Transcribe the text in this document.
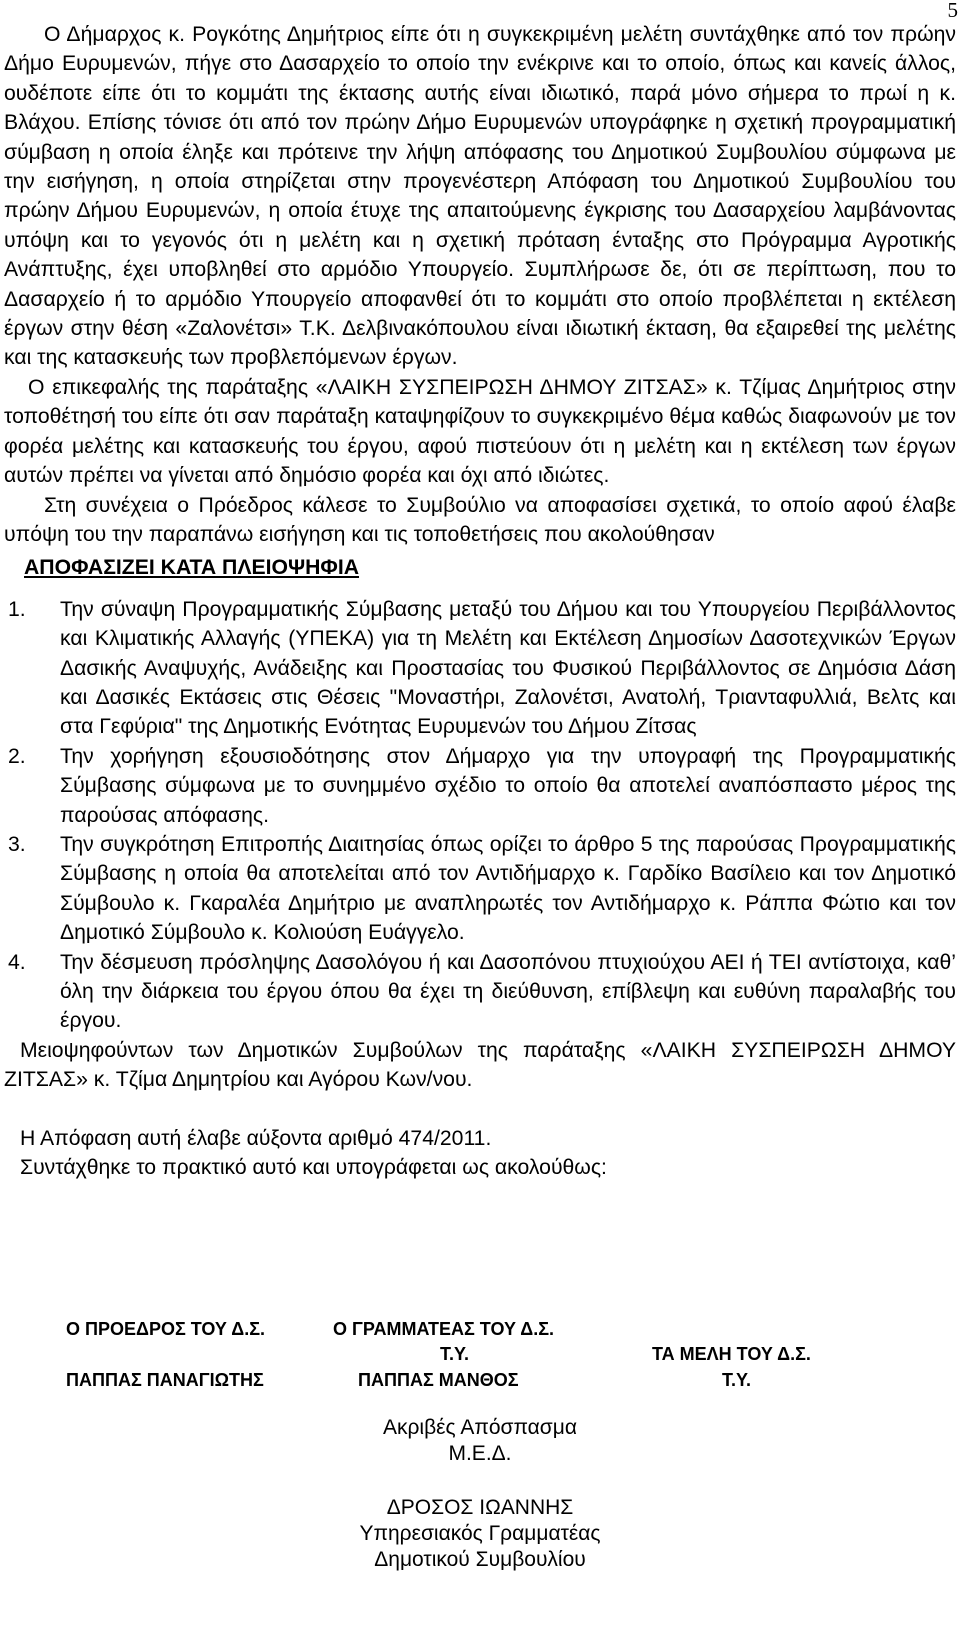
5

Ο Δήμαρχος κ. Ρογκότης Δημήτριος είπε ότι η συγκεκριμένη μελέτη συντάχθηκε από τον πρώην Δήμο Ευρυμενών, πήγε στο Δασαρχείο το οποίο την ενέκρινε και το οποίο, όπως και κανείς άλλος, ουδέποτε είπε ότι το κομμάτι της έκτασης αυτής είναι ιδιωτικό, παρά μόνο σήμερα το πρωί η κ. Βλάχου. Επίσης τόνισε ότι από τον πρώην Δήμο Ευρυμενών υπογράφηκε η σχετική προγραμματική σύμβαση η οποία έληξε και πρότεινε την λήψη απόφασης του Δημοτικού Συμβουλίου σύμφωνα με την εισήγηση, η οποία στηρίζεται στην προγενέστερη Απόφαση του Δημοτικού Συμβουλίου του πρώην Δήμου Ευρυμενών, η οποία έτυχε της απαιτούμενης έγκρισης του Δασαρχείου λαμβάνοντας υπόψη και το γεγονός ότι η μελέτη και η σχετική πρόταση ένταξης στο Πρόγραμμα Αγροτικής Ανάπτυξης, έχει υποβληθεί στο αρμόδιο Υπουργείο. Συμπλήρωσε δε, ότι σε περίπτωση, που το Δασαρχείο ή το αρμόδιο Υπουργείο αποφανθεί ότι το κομμάτι στο οποίο προβλέπεται η εκτέλεση έργων στην θέση «Ζαλονέτσι» Τ.Κ. Δελβινακόπουλου είναι ιδιωτική έκταση, θα εξαιρεθεί της μελέτης και της κατασκευής των προβλεπόμενων έργων.

Ο επικεφαλής της παράταξης «ΛΑΙΚΗ ΣΥΣΠΕΙΡΩΣΗ ΔΗΜΟΥ ΖΙΤΣΑΣ» κ. Τζίμας Δημήτριος στην τοποθέτησή του είπε ότι σαν παράταξη καταψηφίζουν το συγκεκριμένο θέμα καθώς διαφωνούν με τον φορέα μελέτης και κατασκευής του έργου, αφού πιστεύουν ότι η μελέτη και η εκτέλεση των έργων αυτών πρέπει να γίνεται από δημόσιο φορέα και όχι από ιδιώτες.

Στη συνέχεια ο Πρόεδρος κάλεσε το Συμβούλιο να αποφασίσει σχετικά, το οποίο αφού έλαβε υπόψη του την παραπάνω εισήγηση και τις τοποθετήσεις που ακολούθησαν

ΑΠΟΦΑΣΙΖΕΙ ΚΑΤΑ ΠΛΕΙΟΨΗΦΙΑ

1. Την σύναψη Προγραμματικής Σύμβασης μεταξύ του Δήμου και του Υπουργείου Περιβάλλοντος και Κλιματικής Αλλαγής (ΥΠΕΚΑ) για τη Μελέτη και Εκτέλεση Δημοσίων Δασοτεχνικών Έργων Δασικής Αναψυχής, Ανάδειξης και Προστασίας του Φυσικού Περιβάλλοντος σε Δημόσια Δάση και Δασικές Εκτάσεις στις Θέσεις "Μοναστήρι, Ζαλονέτσι, Ανατολή, Τριανταφυλλιά, Βελτς και στα Γεφύρια" της Δημοτικής Ενότητας Ευρυμενών του Δήμου Ζίτσας
2. Την χορήγηση εξουσιοδότησης στον Δήμαρχο για την υπογραφή της Προγραμματικής Σύμβασης σύμφωνα με το συνημμένο σχέδιο το οποίο θα αποτελεί αναπόσπαστο μέρος της παρούσας απόφασης.
3. Την συγκρότηση Επιτροπής Διαιτησίας όπως ορίζει το άρθρο 5 της παρούσας Προγραμματικής Σύμβασης η οποία θα αποτελείται από τον Αντιδήμαρχο κ. Γαρδίκο Βασίλειο και τον Δημοτικό Σύμβουλο κ. Γκαραλέα Δημήτριο με αναπληρωτές τον Αντιδήμαρχο κ. Ράππα Φώτιο και τον Δημοτικό Σύμβουλο κ. Κολιούση Ευάγγελο.
4. Την δέσμευση πρόσληψης Δασολόγου ή και Δασοπόνου πτυχιούχου ΑΕΙ ή ΤΕΙ αντίστοιχα, καθ’ όλη την διάρκεια του έργου όπου θα έχει τη διεύθυνση, επίβλεψη και ευθύνη παραλαβής του έργου.

Μειοψηφούντων των Δημοτικών Συμβούλων της παράταξης «ΛΑΙΚΗ ΣΥΣΠΕΙΡΩΣΗ ΔΗΜΟΥ ΖΙΤΣΑΣ» κ. Τζίμα Δημητρίου και Αγόρου Κων/νου.

Η Απόφαση αυτή έλαβε αύξοντα αριθμό 474/2011.

Συντάχθηκε το πρακτικό αυτό και υπογράφεται ως ακολούθως:

Ο ΠΡΟΕΔΡΟΣ ΤΟΥ Δ.Σ.
ΠΑΠΠΑΣ ΠΑΝΑΓΙΩΤΗΣ
Ο ΓΡΑΜΜΑΤΕΑΣ ΤΟΥ Δ.Σ.
Τ.Υ.
ΠΑΠΠΑΣ ΜΑΝΘΟΣ
ΤΑ ΜΕΛΗ ΤΟΥ Δ.Σ.
Τ.Υ.
Ακριβές Απόσπασμα
Μ.Ε.Δ.
ΔΡΟΣΟΣ ΙΩΑΝΝΗΣ
Υπηρεσιακός Γραμματέας
Δημοτικού Συμβουλίου
